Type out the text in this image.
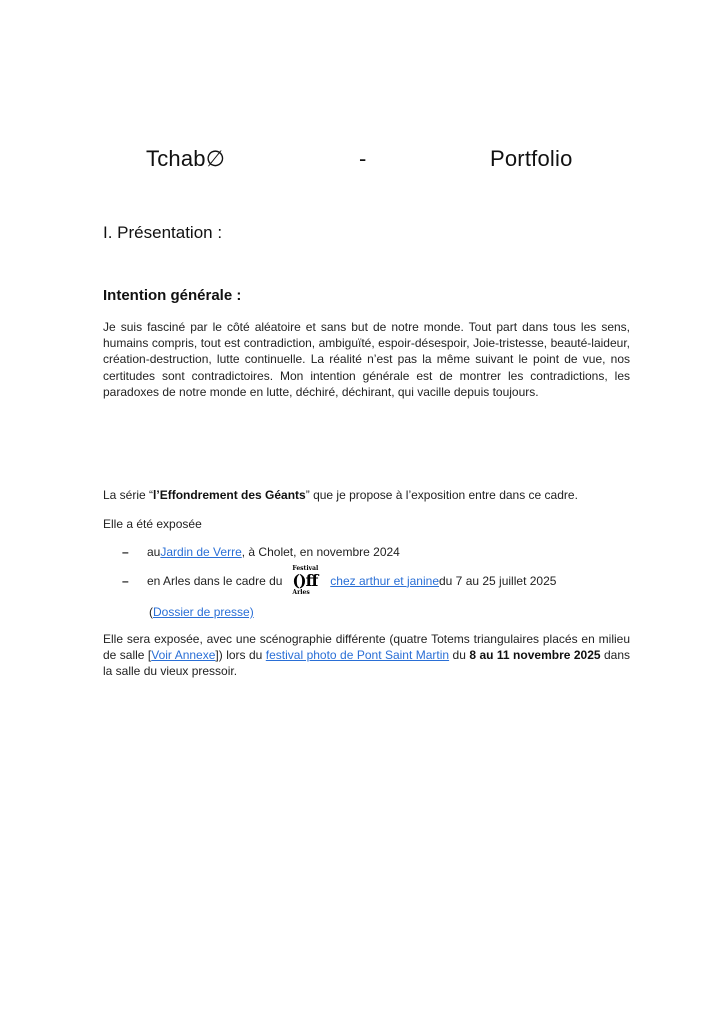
Tchab∅	-	Portfolio
I. Présentation :
Intention générale :
Je suis fasciné par le côté aléatoire et sans but de notre monde. Tout part dans tous les sens, humains compris, tout est contradiction, ambiguïté, espoir-désespoir, Joie-tristesse, beauté-laideur, création-destruction, lutte continuelle. La réalité n’est pas la même suivant le point de vue, nos certitudes sont contradictoires. Mon intention générale est de montrer les contradictions, les paradoxes de notre monde en lutte, déchiré, déchirant, qui vacille depuis toujours.
La série “l’Effondrement des Géants” que je propose à l’exposition entre dans ce cadre.
Elle a été exposée
–	au Jardin de Verre , à Cholet, en novembre 2024
–	en Arles dans le cadre du
Festival
()ff
Arles
chez arthur et janine du 7 au 25 juillet 2025
(Dossier de presse)
Elle sera exposée, avec une scénographie différente (quatre Totems triangulaires placés en milieu de salle [Voir Annexe]) lors du festival photo de Pont Saint Martin du 8 au 11 novembre 2025 dans la salle du vieux pressoir.
